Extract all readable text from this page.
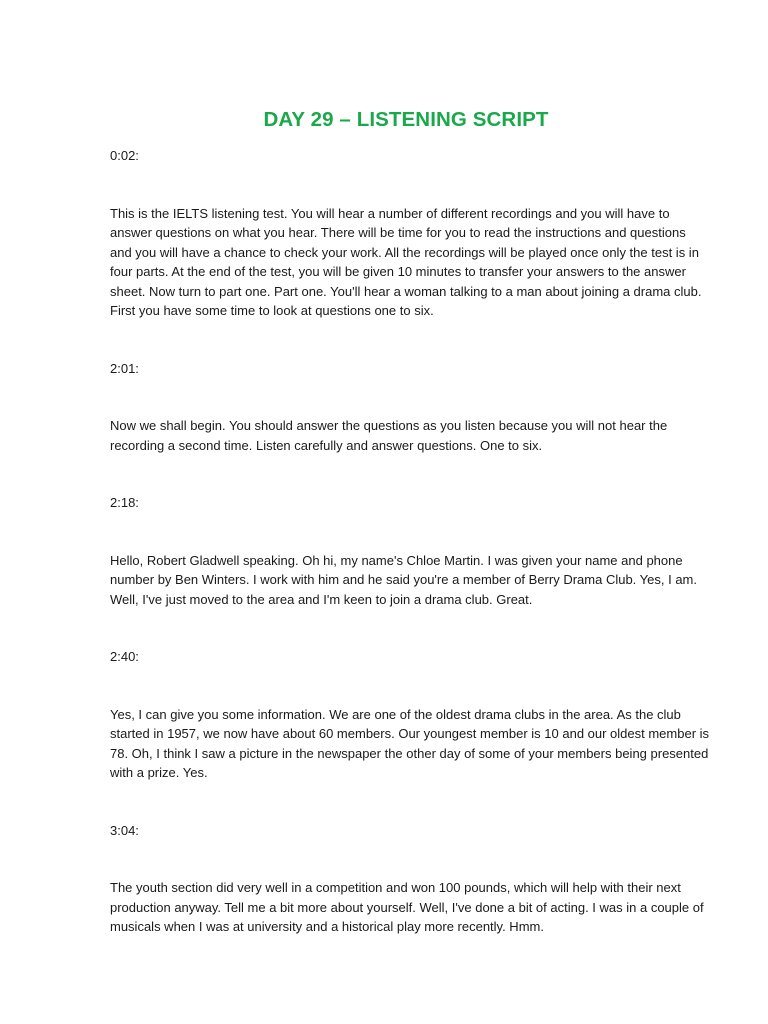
DAY 29 – LISTENING SCRIPT

0:02:

This is the IELTS listening test. You will hear a number of different recordings and you will have to answer questions on what you hear. There will be time for you to read the instructions and questions and you will have a chance to check your work. All the recordings will be played once only the test is in four parts. At the end of the test, you will be given 10 minutes to transfer your answers to the answer sheet. Now turn to part one. Part one. You'll hear a woman talking to a man about joining a drama club. First you have some time to look at questions one to six.

2:01:

Now we shall begin. You should answer the questions as you listen because you will not hear the recording a second time. Listen carefully and answer questions. One to six.

2:18:

Hello, Robert Gladwell speaking. Oh hi, my name's Chloe Martin. I was given your name and phone number by Ben Winters. I work with him and he said you're a member of Berry Drama Club. Yes, I am. Well, I've just moved to the area and I'm keen to join a drama club. Great.

2:40:

Yes, I can give you some information. We are one of the oldest drama clubs in the area. As the club started in 1957, we now have about 60 members. Our youngest member is 10 and our oldest member is 78. Oh, I think I saw a picture in the newspaper the other day of some of your members being presented with a prize. Yes.

3:04:

The youth section did very well in a competition and won 100 pounds, which will help with their next production anyway. Tell me a bit more about yourself. Well, I've done a bit of acting. I was in a couple of musicals when I was at university and a historical play more recently. Hmm.
